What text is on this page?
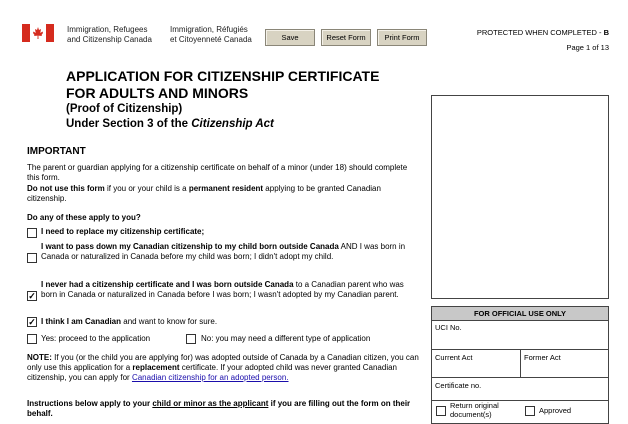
Immigration, Refugees
and Citizenship Canada
Immigration, Réfugiés
et Citoyenneté Canada	Save	Reset Form	Print Form
PROTECTED WHEN COMPLETED - B
Page 1 of 13
APPLICATION FOR CITIZENSHIP CERTIFICATE
FOR ADULTS AND MINORS
(Proof of Citizenship)
Under Section 3 of the Citizenship Act
IMPORTANT
The parent or guardian applying for a citizenship certificate on behalf of a minor (under 18) should complete this form.
Do not use this form if you or your child is a permanent resident applying to be granted Canadian citizenship.
Do any of these apply to you?
I need to replace my citizenship certificate;
I want to pass down my Canadian citizenship to my child born outside Canada AND I was born in Canada or naturalized in Canada before my child was born; I didn't adopt my child.
✓
I never had a citizenship certificate and I was born outside Canada to a Canadian parent who was born in Canada or naturalized in Canada before I was born; I wasn't adopted by my Canadian parent.
✓ I think I am Canadian and want to know for sure.
Yes: proceed to the application	No: you may need a different type of application
NOTE: If you (or the child you are applying for) was adopted outside of Canada by a Canadian citizen, you can only use this application for a replacement certificate. If your adopted child was never granted Canadian citizenship, you can apply for Canadian citizenship for an adopted person.
Instructions below apply to your child or minor as the applicant if you are filling out the form on their behalf.
FOR OFFICIAL USE ONLY
UCI No.
Current Act	Former Act
Certificate no.
Return original document(s)	Approved
